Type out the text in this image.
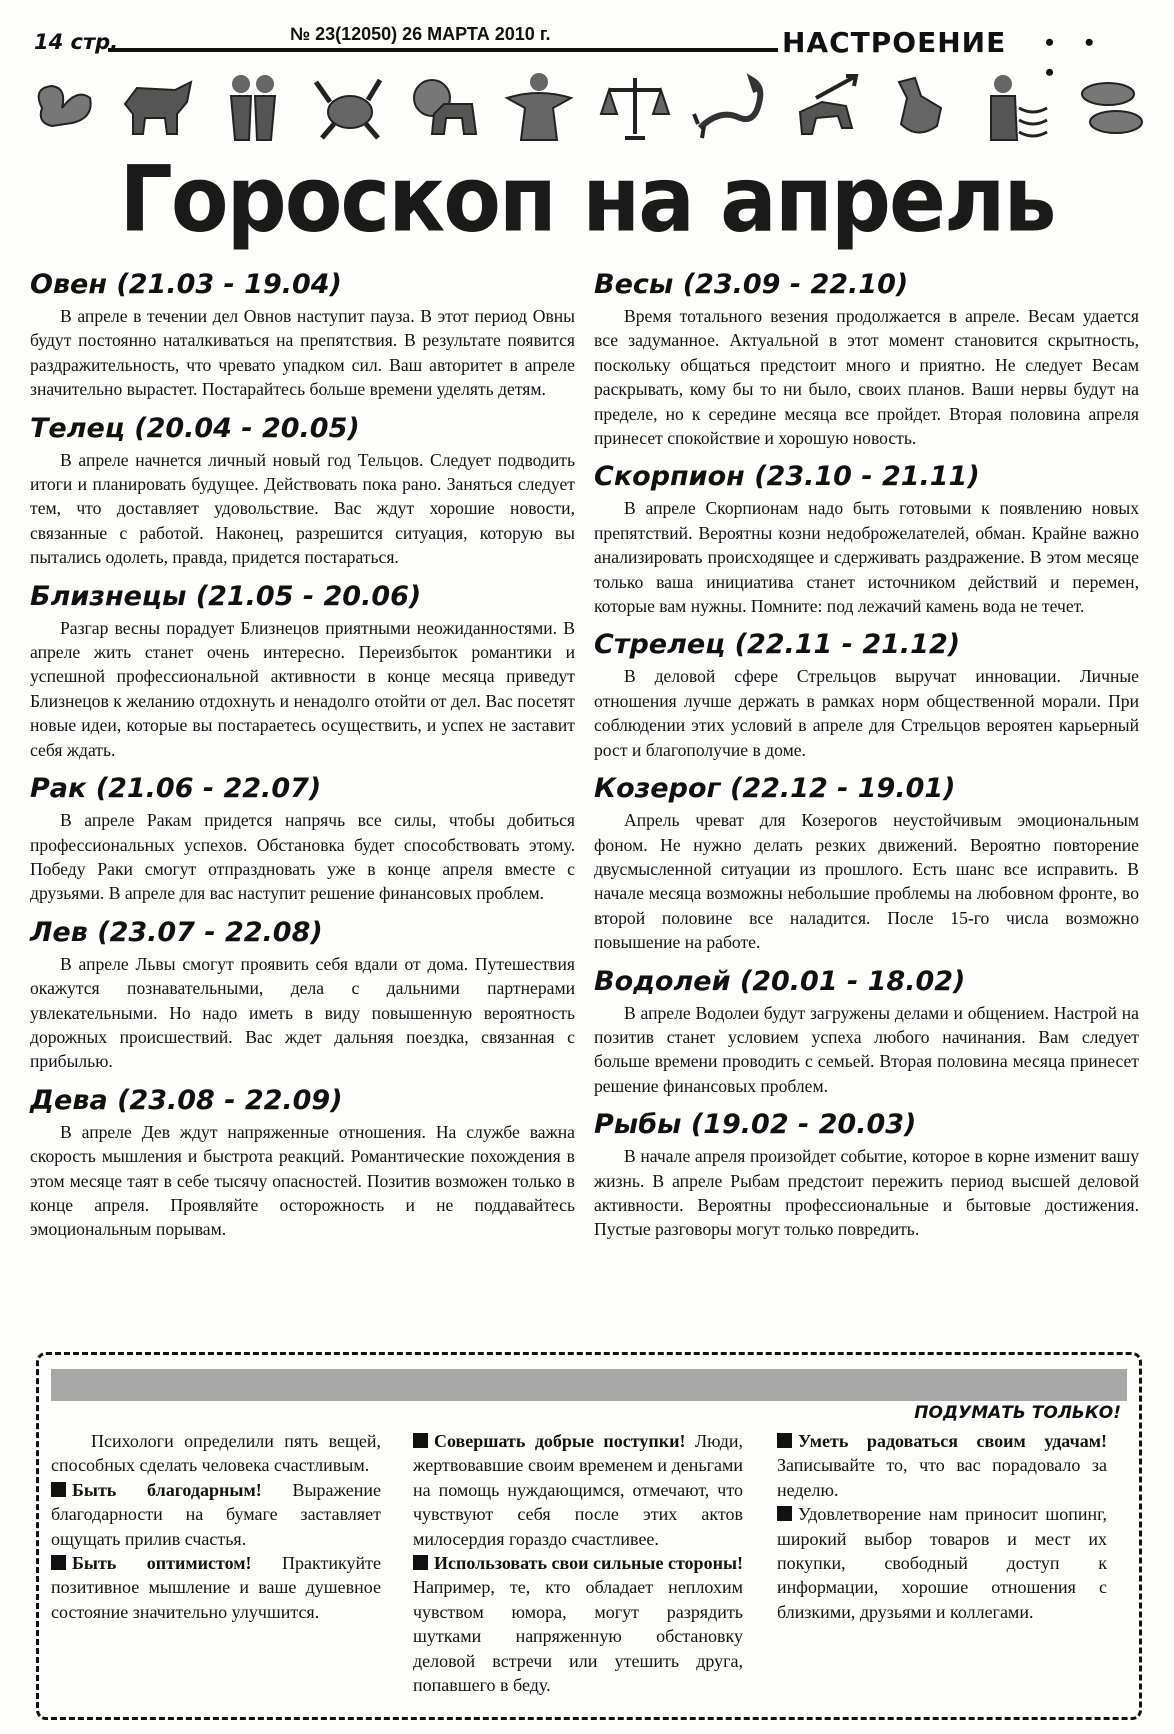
14 стр.	№ 23(12050) 26 МАРТА 2010 г.	НАСТРОЕНИЕ • • •
Гороскоп на апрель
Овен (21.03 - 19.04)

В апреле в течении дел Овнов наступит пауза. В этот период Овны будут постоянно наталкиваться на препятствия. В результате появится раздражительность, что чревато упадком сил. Ваш авторитет в апреле значительно вырастет. Постарайтесь больше времени уделять детям.

Телец (20.04 - 20.05)

В апреле начнется личный новый год Тельцов. Следует подводить итоги и планировать будущее. Действовать пока рано. Заняться следует тем, что доставляет удовольствие. Вас ждут хорошие новости, связанные с работой. Наконец, разрешится ситуация, которую вы пытались одолеть, правда, придется постараться.

Близнецы (21.05 - 20.06)

Разгар весны порадует Близнецов приятными неожиданностями. В апреле жить станет очень интересно. Переизбыток романтики и успешной профессиональной активности в конце месяца приведут Близнецов к желанию отдохнуть и ненадолго отойти от дел. Вас посетят новые идеи, которые вы постараетесь осуществить, и успех не заставит себя ждать.

Рак (21.06 - 22.07)

В апреле Ракам придется напрячь все силы, чтобы добиться профессиональных успехов. Обстановка будет способствовать этому. Победу Раки смогут отпраздновать уже в конце апреля вместе с друзьями. В апреле для вас наступит решение финансовых проблем.

Лев (23.07 - 22.08)

В апреле Львы смогут проявить себя вдали от дома. Путешествия окажутся познавательными, дела с дальними партнерами увлекательными. Но надо иметь в виду повышенную вероятность дорожных происшествий. Вас ждет дальняя поездка, связанная с прибылью.

Дева (23.08 - 22.09)

В апреле Дев ждут напряженные отношения. На службе важна скорость мышления и быстрота реакций. Романтические похождения в этом месяце таят в себе тысячу опасностей. Позитив возможен только в конце апреля. Проявляйте осторожность и не поддавайтесь эмоциональным порывам.

Весы (23.09 - 22.10)

Время тотального везения продолжается в апреле. Весам удается все задуманное. Актуальной в этот момент становится скрытность, поскольку общаться предстоит много и приятно. Не следует Весам раскрывать, кому бы то ни было, своих планов. Ваши нервы будут на пределе, но к середине месяца все пройдет. Вторая половина апреля принесет спокойствие и хорошую новость.

Скорпион (23.10 - 21.11)

В апреле Скорпионам надо быть готовыми к появлению новых препятствий. Вероятны козни недоброжелателей, обман. Крайне важно анализировать происходящее и сдерживать раздражение. В этом месяце только ваша инициатива станет источником действий и перемен, которые вам нужны. Помните: под лежачий камень вода не течет.

Стрелец (22.11 - 21.12)

В деловой сфере Стрельцов выручат инновации. Личные отношения лучше держать в рамках норм общественной морали. При соблюдении этих условий в апреле для Стрельцов вероятен карьерный рост и благополучие в доме.

Козерог (22.12 - 19.01)

Апрель чреват для Козерогов неустойчивым эмоциональным фоном. Не нужно делать резких движений. Вероятно повторение двусмысленной ситуации из прошлого. Есть шанс все исправить. В начале месяца возможны небольшие проблемы на любовном фронте, во второй половине все наладится. После 15-го числа возможно повышение на работе.

Водолей (20.01 - 18.02)

В апреле Водолеи будут загружены делами и общением. Настрой на позитив станет условием успеха любого начинания. Вам следует больше времени проводить с семьей. Вторая половина месяца принесет решение финансовых проблем.

Рыбы (19.02 - 20.03)

В начале апреля произойдет событие, которое в корне изменит вашу жизнь. В апреле Рыбам предстоит пережить период высшей деловой активности. Вероятны профессиональные и бытовые достижения. Пустые разговоры могут только повредить.

ПОДУМАТЬ ТОЛЬКО!

Психологи определили пять вещей, способных сделать человека счастливым.

Быть благодарным! Выражение благодарности на бумаге заставляет ощущать прилив счастья.

Быть оптимистом! Практикуйте позитивное мышление и ваше душевное состояние значительно улучшится.

Совершать добрые поступки! Люди, жертвовавшие своим временем и деньгами на помощь нуждающимся, отмечают, что чувствуют себя после этих актов милосердия гораздо счастливее.

Использовать свои сильные стороны! Например, те, кто обладает неплохим чувством юмора, могут разрядить шутками напряженную обстановку деловой встречи или утешить друга, попавшего в беду.

Уметь радоваться своим удачам! Записывайте то, что вас порадовало за неделю.

Удовлетворение нам приносит шопинг, широкий выбор товаров и мест их покупки, свободный доступ к информации, хорошие отношения с близкими, друзьями и коллегами.
